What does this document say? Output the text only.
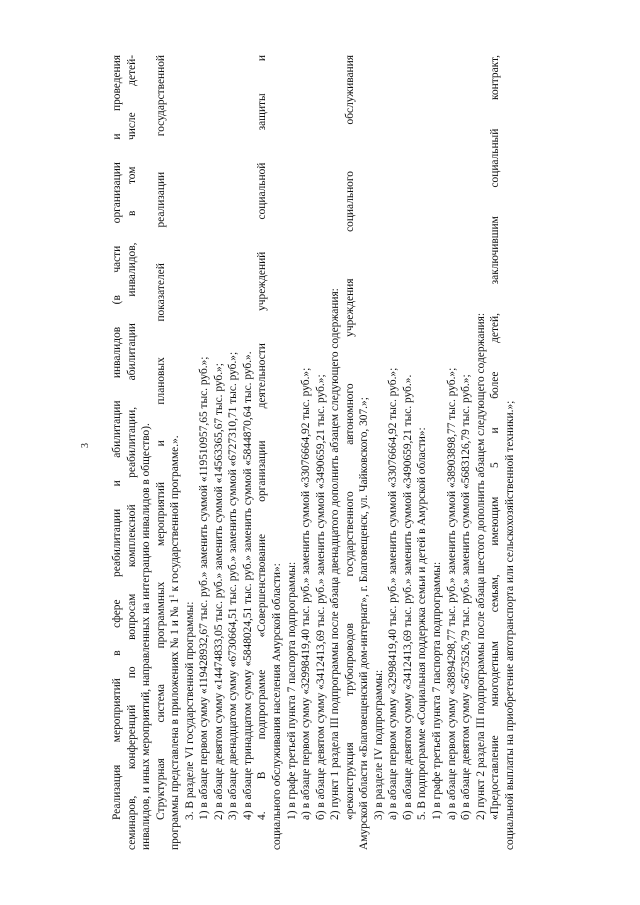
3 Реализация мероприятий в сфере реабилитации и абилитации инвалидов (в части организации и проведения семинаров, конференций по вопросам комплексной реабилитации, абилитации инвалидов, в том числе детей- инвалидов, и иных мероприятий, направленных на интеграцию инвалидов в общество). Структурная система программных мероприятий и плановых показателей реализации государственной программы представлена в приложениях № 1 и № $1^1$ к государственной программе.».
3. В разделе VI государственной программы: 1) в абзаце первом сумму «119428932,67 тыс. руб.» заменить суммой «119510957,65 тыс. руб.»; 2) в абзаце девятом сумму «14474833,05 тыс. руб.» заменить суммой «14563365,67 тыс. руб.»; 3) в абзаце двенадцатом сумму «6730664,51 тыс. руб.» заменить суммой «6727310,71 тыс. руб.»; 4) в абзаце тринадцатом сумму «5848024,51 тыс. руб.» заменить суммой «5844870,64 тыс. руб.». 4. В подпрограмме «Совершенствование организации деятельности учреждений социальной защиты и социального обслуживания населения Амурской области»: 1) в графе третьей пункта 7 паспорта подпрограммы: а) в абзаце первом сумму «32998419,40 тыс. руб.» заменить суммой «33076664,92 тыс. руб.»; б) в абзаце девятом сумму «3412413,69 тыс. руб.» заменить суммой «3490659,21 тыс. руб.»; 2) пункт 1 раздела III подпрограммы после абзаца двенадцатого дополнить абзацем следующего содержания: «реконструкция трубопроводов государственного автономного учреждения социального обслуживания Амурской области «Благовещенский дом-интернат», г. Благовещенск, ул. Чайковского, 307.»; 3) в разделе IV подпрограммы: а) в абзаце первом сумму «32998419,40 тыс. руб.» заменить суммой «33076664,92 тыс. руб.»; б) в абзаце девятом сумму «3412413,69 тыс. руб.» заменить суммой «3490659,21 тыс. руб.». 5. В подпрограмме «Социальная поддержка семьи и детей в Амурской области»: 1) в графе третьей пункта 7 паспорта подпрограммы: а) в абзаце первом сумму «38894298,77 тыс. руб.» заменить суммой «38903898,77 тыс. руб.»; б) в абзаце девятом сумму «5673526,79 тыс. руб.» заменить суммой «5683126,79 тыс. руб.»; 2) пункт 2 раздела III подпрограммы после абзаца шестого дополнить абзацем следующего содержания: «Предоставление многодетным семьям, имеющим 5 и более детей, заключившим социальный контракт, социальной выплаты на приобретение автотранспорта или сельскохозяйственной техники.»;
